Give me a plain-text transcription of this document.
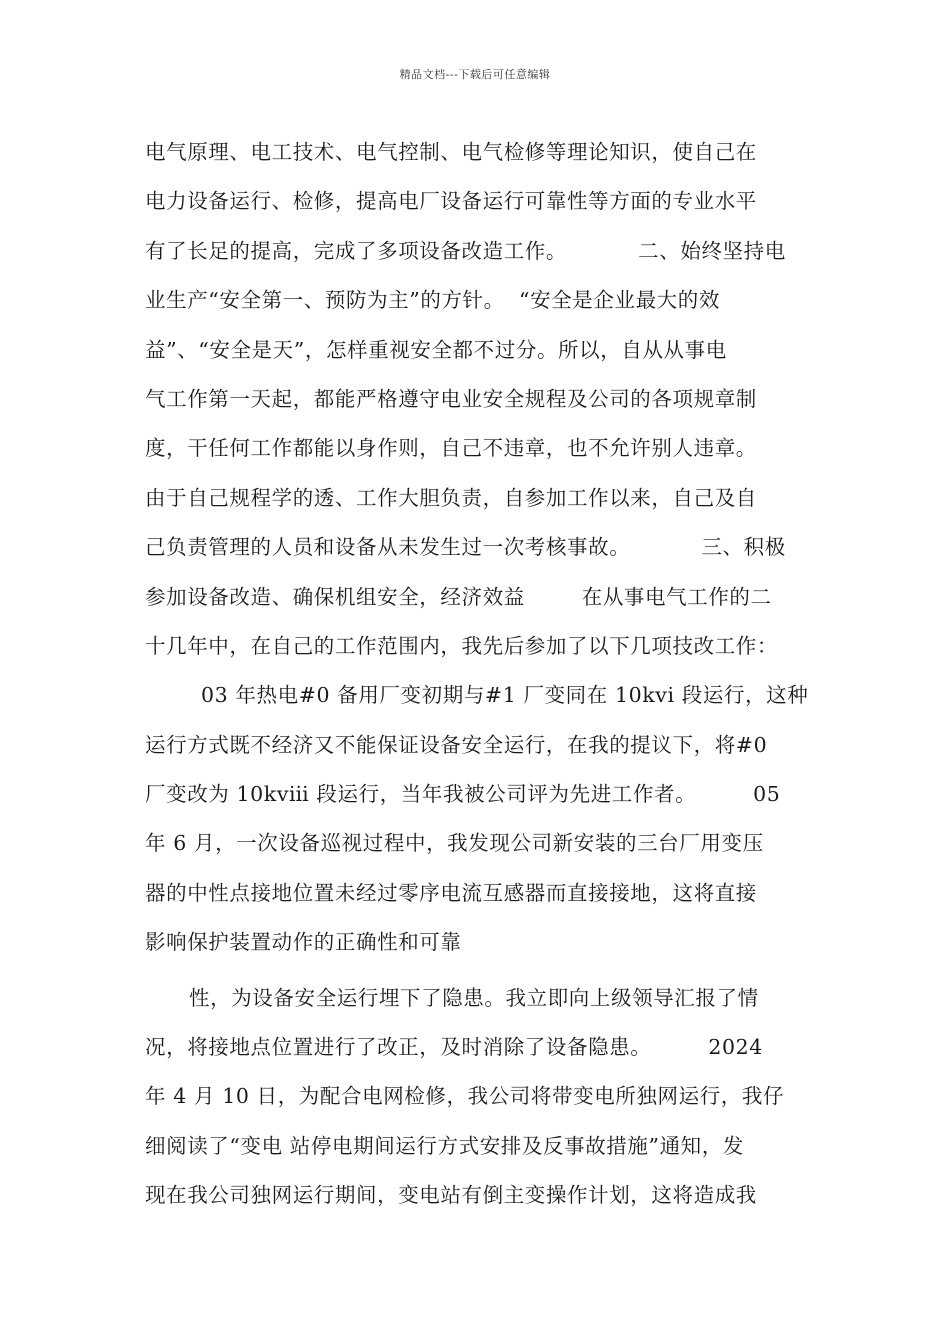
精品文档---下载后可任意编辑
电气原理、电工技术、电气控制、电气检修等理论知识，使自己在
电力设备运行、检修，提高电厂设备运行可靠性等方面的专业水平
有了长足的提高，完成了多项设备改造工作。          二、始终坚持电
业生产“安全第一、预防为主”的方针。  “安全是企业最大的效
益”、“安全是天”，怎样重视安全都不过分。所以，自从从事电
气工作第一天起，都能严格遵守电业安全规程及公司的各项规章制
度，干任何工作都能以身作则，自己不违章，也不允许别人违章。
由于自己规程学的透、工作大胆负责，自参加工作以来，自己及自
己负责管理的人员和设备从未发生过一次考核事故。          三、积极
参加设备改造、确保机组安全，经济效益        在从事电气工作的二
十几年中，在自己的工作范围内，我先后参加了以下几项技改工作：
03 年热电#0 备用厂变初期与#1 厂变同在 10kvⅰ 段运行，这种
运行方式既不经济又不能保证设备安全运行，在我的提议下，将#0
厂变改为 10kvⅲ 段运行，当年我被公司评为先进工作者。        05
年 6 月，一次设备巡视过程中，我发现公司新安装的三台厂用变压
器的中性点接地位置未经过零序电流互感器而直接接地，这将直接
影响保护装置动作的正确性和可靠
性，为设备安全运行埋下了隐患。我立即向上级领导汇报了情
况，将接地点位置进行了改正，及时消除了设备隐患。        2024
年 4 月 10 日，为配合电网检修，我公司将带变电所独网运行，我仔
细阅读了“变电 站停电期间运行方式安排及反事故措施”通知，发
现在我公司独网运行期间，变电站有倒主变操作计划，这将造成我
